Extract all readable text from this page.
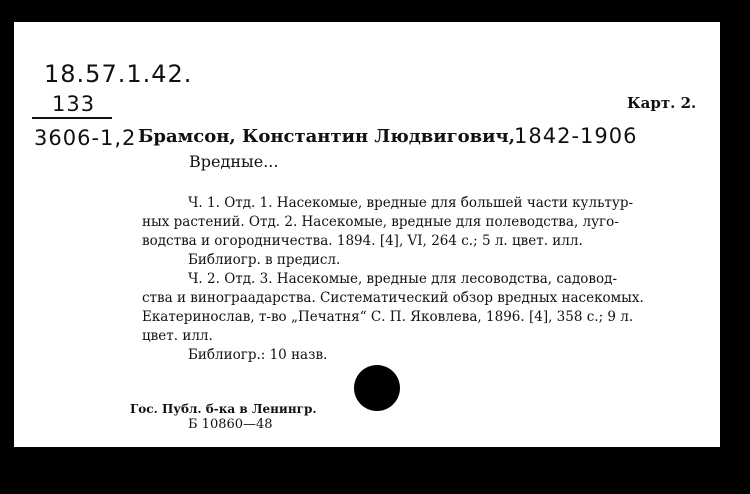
18.57.1.42.
133
3606-1,2
Карт. 2.
Брамсон, Константин Людвигович, 1842-1906
Вредные...
Ч. 1. Отд. 1. Насекомые, вредные для большей части культур-
ных растений. Отд. 2. Насекомые, вредные для полеводства, луго-
водства и огородничества. 1894. [4], VI, 264 с.; 5 л. цвет. илл.
Библиогр. в предисл.
Ч. 2. Отд. 3. Насекомые, вредные для лесоводства, садовод-
ства и винограадарства. Систематический обзор вредных насекомых.
Екатеринослав, т-во „Печатня“ С. П. Яковлева, 1896. [4], 358 с.; 9 л.
цвет. илл.
Библиогр.: 10 назв.
Гос. Публ. б-ка в Ленингр.
Б 10860—48
